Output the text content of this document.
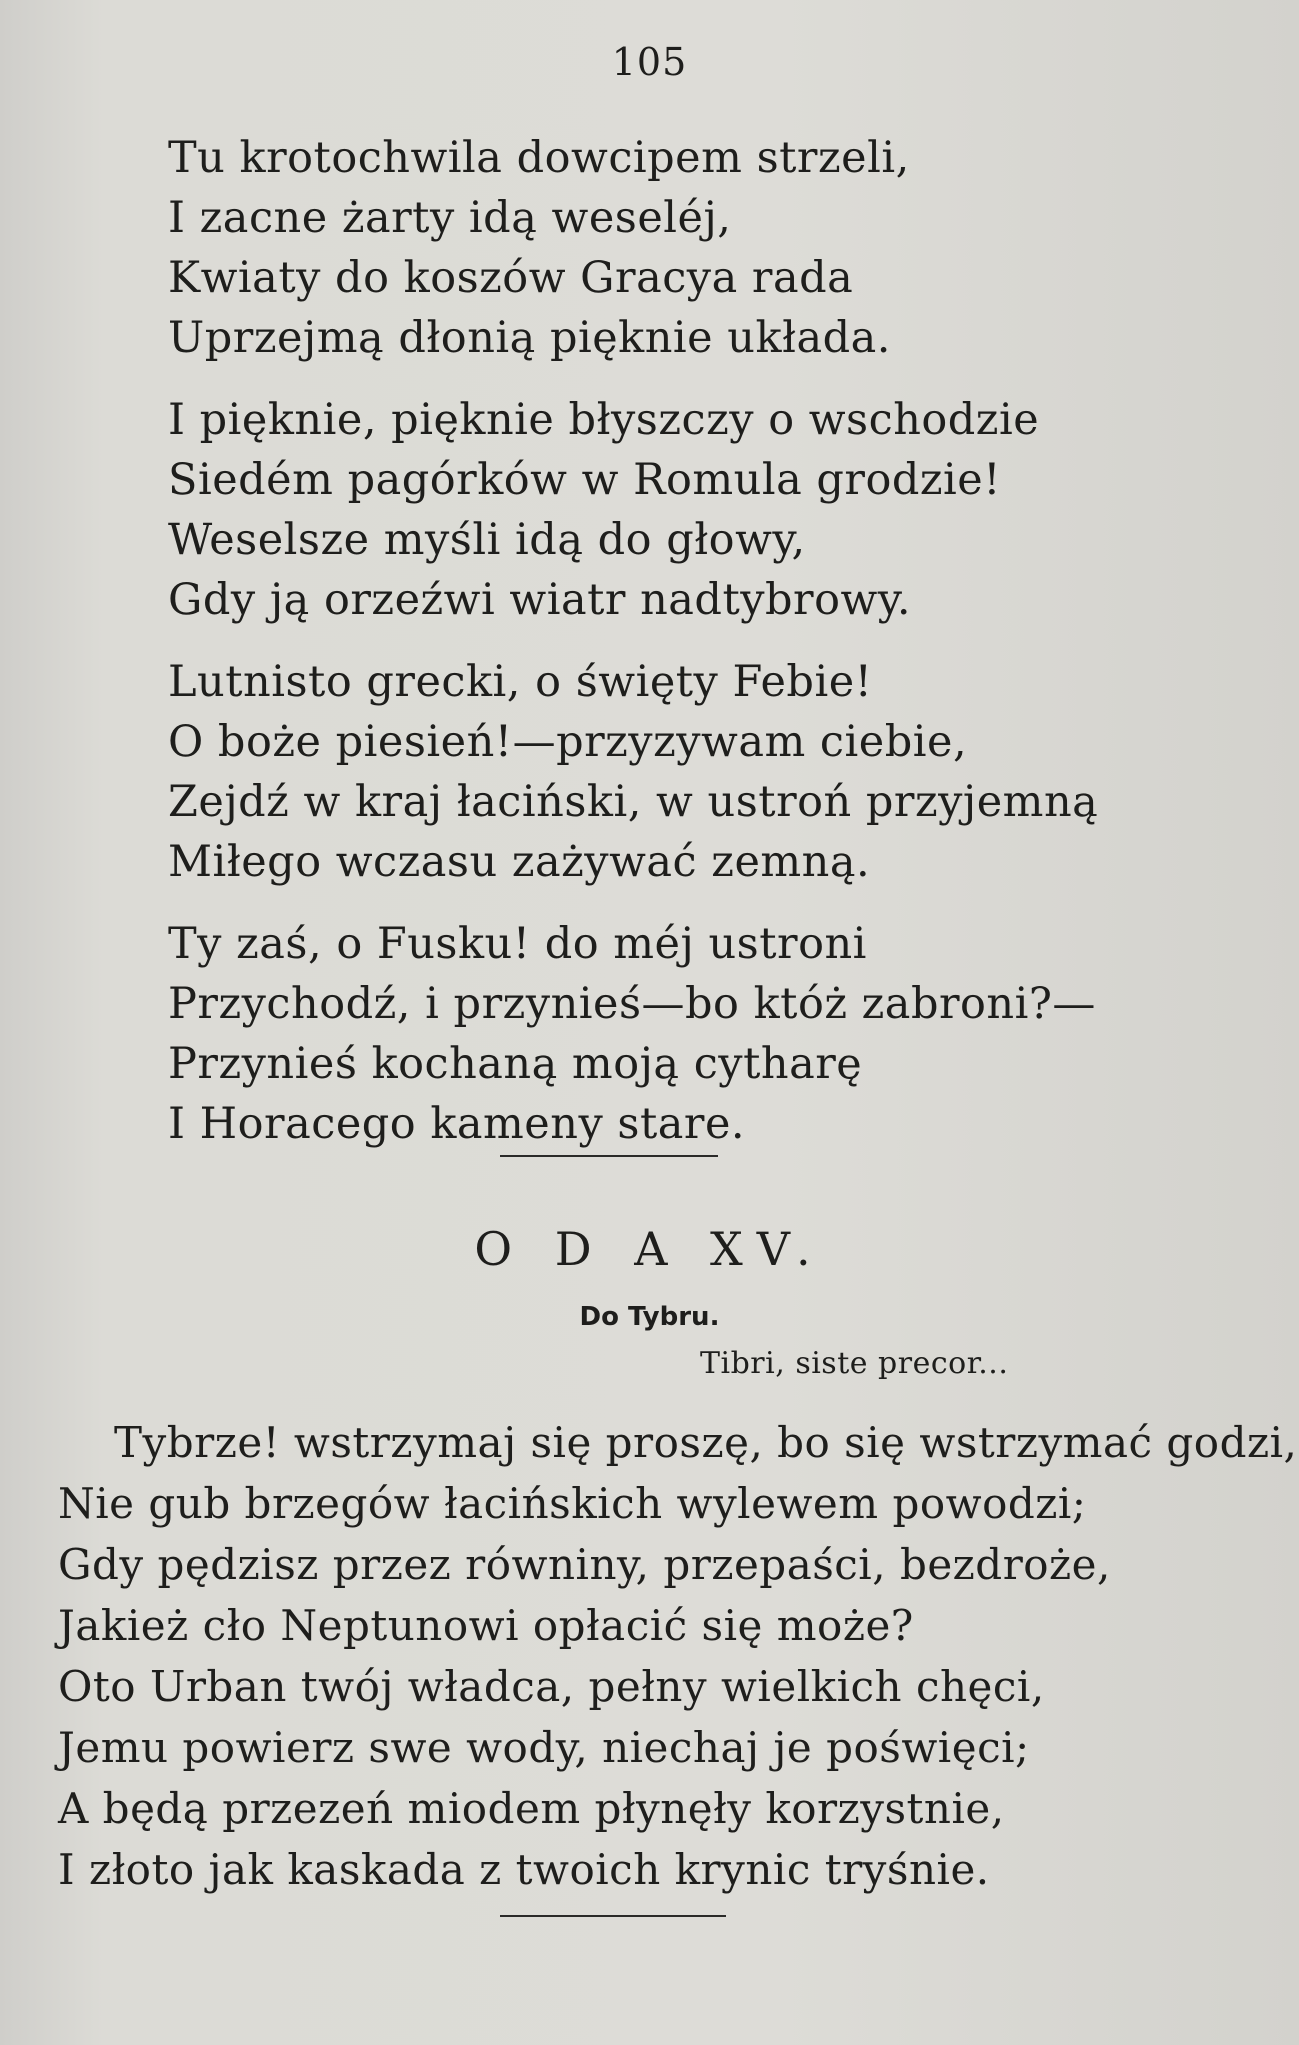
105
Tu krotochwila dowcipem strzeli,
I zacne żarty idą weseléj,
Kwiaty do koszów Gracya rada
Uprzejmą dłonią pięknie układa.
I pięknie, pięknie błyszczy o wschodzie
Siedém pagórków w Romula grodzie!
Weselsze myśli idą do głowy,
Gdy ją orzeźwi wiatr nadtybrowy.
Lutnisto grecki, o święty Febie!
O boże piesień!—przyzywam ciebie,
Zejdź w kraj łaciński, w ustroń przyjemną
Miłego wczasu zażywać zemną.
Ty zaś, o Fusku! do méj ustroni
Przychodź, i przynieś—bo któż zabroni?—
Przynieś kochaną moją cytharę
I Horacego kameny stare.
O D A XV.
Do Tybru.
Tibri, siste precor...
Tybrze! wstrzymaj się proszę, bo się wstrzymać godzi,
Nie gub brzegów łacińskich wylewem powodzi;
Gdy pędzisz przez równiny, przepaści, bezdroże,
Jakież cło Neptunowi opłacić się może?
Oto Urban twój władca, pełny wielkich chęci,
Jemu powierz swe wody, niechaj je poświęci;
A będą przezeń miodem płynęły korzystnie,
I złoto jak kaskada z twoich krynic tryśnie.
